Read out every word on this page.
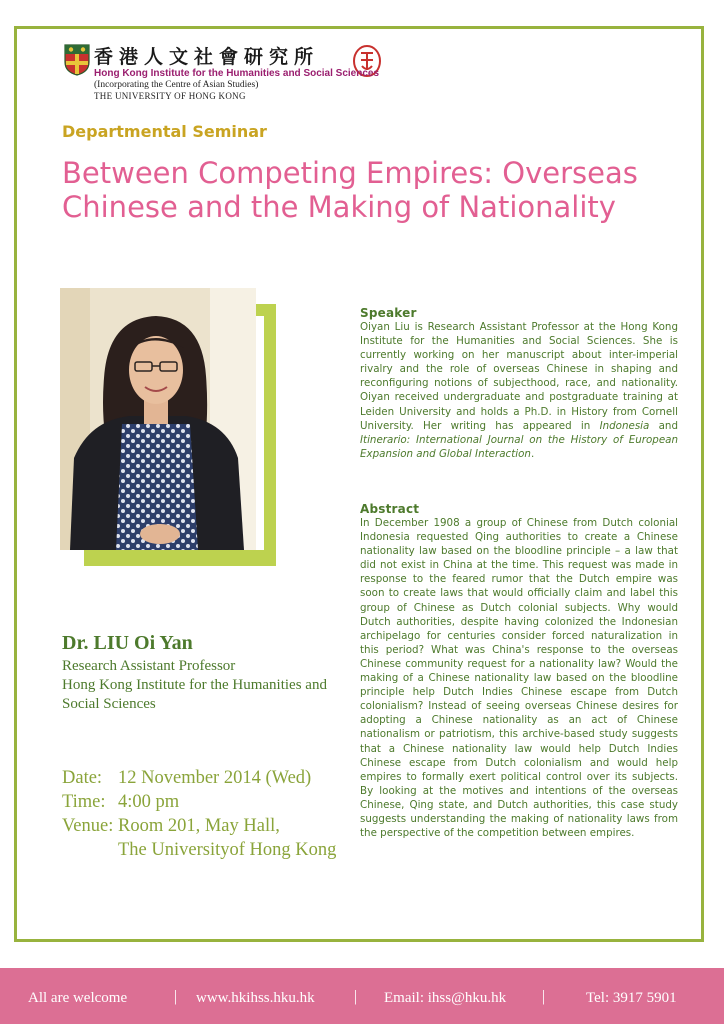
香港人文社會研究所
Hong Kong Institute for the Humanities and Social Sciences
(Incorporating the Centre of Asian Studies)
THE UNIVERSITY OF HONG KONG
Departmental Seminar
Between Competing Empires: Overseas Chinese and the Making of Nationality
Dr. LIU Oi Yan
Research Assistant Professor
Hong Kong Institute for the Humanities and Social Sciences
Date: 12 November 2014 (Wed)
Time: 4:00 pm
Venue: Room 201, May Hall,
The Universityof Hong Kong
Speaker
Oiyan Liu is Research Assistant Professor at the Hong Kong Institute for the Humanities and Social Sciences. She is currently working on her manuscript about inter-imperial rivalry and the role of overseas Chinese in shaping and reconfiguring notions of subjecthood, race, and nationality. Oiyan received undergraduate and postgraduate training at Leiden University and holds a Ph.D. in History from Cornell University. Her writing has appeared in Indonesia and Itinerario: International Journal on the History of European Expansion and Global Interaction.
Abstract
In December 1908 a group of Chinese from Dutch colonial Indonesia requested Qing authorities to create a Chinese nationality law based on the bloodline principle – a law that did not exist in China at the time. This request was made in response to the feared rumor that the Dutch empire was soon to create laws that would officially claim and label this group of Chinese as Dutch colonial subjects. Why would Dutch authorities, despite having colonized the Indonesian archipelago for centuries consider forced naturalization in this period? What was China's response to the overseas Chinese community request for a nationality law? Would the making of a Chinese nationality law based on the bloodline principle help Dutch Indies Chinese escape from Dutch colonialism? Instead of seeing overseas Chinese desires for adopting a Chinese nationality as an act of Chinese nationalism or patriotism, this archive-based study suggests that a Chinese nationality law would help Dutch Indies Chinese escape from Dutch colonialism and would help empires to formally exert political control over its subjects. By looking at the motives and intentions of the overseas Chinese, Qing state, and Dutch authorities, this case study suggests understanding the making of nationality laws from the perspective of the competition between empires.
All are welcome	| www.hkihss.hku.hk | Email: ihss@hku.hk |	Tel: 3917 5901
